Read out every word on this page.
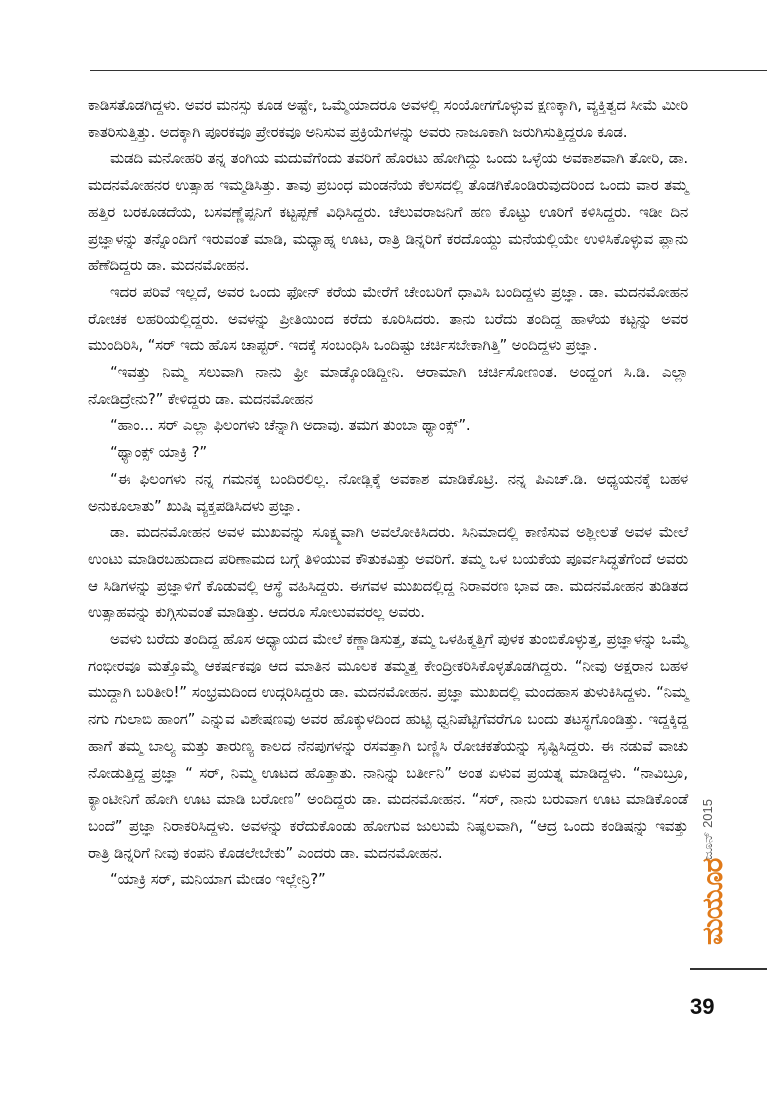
ಕಾಡಿಸತೊಡಗಿದ್ದಳು. ಅವರ ಮನಸ್ಸು ಕೂಡ ಅಷ್ಟೇ, ಒಮ್ಮೆಯಾದರೂ ಅವಳಲ್ಲಿ ಸಂಯೋಗಗೊಳ್ಳುವ ಕ್ಷಣಕ್ಕಾಗಿ, ವ್ಯಕ್ತಿತ್ವದ ಸೀಮೆ ಮೀರಿ ಕಾತರಿಸುತ್ತಿತ್ತು. ಅದಕ್ಕಾಗಿ ಪೂರಕವೂ ಪ್ರೇರಕವೂ ಅನಿಸುವ ಪ್ರಕ್ರಿಯೆಗಳನ್ನು ಅವರು ನಾಜೂಕಾಗಿ ಜರುಗಿಸುತ್ತಿದ್ದರೂ ಕೂಡ.

ಮಡದಿ ಮನೋಹರಿ ತನ್ನ ತಂಗಿಯ ಮದುವೆಗೆಂದು ತವರಿಗೆ ಹೊರಟು ಹೋಗಿದ್ದು ಒಂದು ಒಳ್ಳೆಯ ಅವಕಾಶವಾಗಿ ತೋರಿ, ಡಾ. ಮದನಮೋಹನರ ಉತ್ಸಾಹ ಇಮ್ಮಡಿಸಿತ್ತು. ತಾವು ಪ್ರಬಂಧ ಮಂಡನೆಯ ಕೆಲಸದಲ್ಲಿ ತೊಡಗಿಕೊಂಡಿರುವುದರಿಂದ ಒಂದು ವಾರ ತಮ್ಮ ಹತ್ತಿರ ಬರಕೂಡದೆಯ, ಬಸವಣ್ಣೆಪ್ಪನಿಗೆ ಕಟ್ಟಪ್ಪಣೆ ವಿಧಿಸಿದ್ದರು. ಚೆಲುವರಾಜನಿಗೆ ಹಣ ಕೊಟ್ಟು ಊರಿಗೆ ಕಳಿಸಿದ್ದರು. ಇಡೀ ದಿನ ಪ್ರಜ್ಞಾಳನ್ನು ತನ್ನೊಂದಿಗೆ ಇರುವಂತೆ ಮಾಡಿ, ಮಧ್ಯಾಹ್ನ ಊಟ, ರಾತ್ರಿ ಡಿನ್ನರಿಗೆ ಕರದೊಯ್ದು ಮನೆಯಲ್ಲಿಯೇ ಉಳಿಸಿಕೊಳ್ಳುವ ಪ್ಲಾನು ಹೆಣೆದಿದ್ದರು ಡಾ. ಮದನಮೋಹನ.

ಇದರ ಪರಿವೆ ಇಲ್ಲದೆ, ಅವರ ಒಂದು ಫೋನ್ ಕರೆಯ ಮೇರೆಗೆ ಚೇಂಬರಿಗೆ ಧಾವಿಸಿ ಬಂದಿದ್ದಳು ಪ್ರಜ್ಞಾ. ಡಾ. ಮದನಮೋಹನ ರೋಚಕ ಲಹರಿಯಲ್ಲಿದ್ದರು. ಅವಳನ್ನು ಪ್ರೀತಿಯಿಂದ ಕರೆದು ಕೂರಿಸಿದರು. ತಾನು ಬರೆದು ತಂದಿದ್ದ ಹಾಳೆಯ ಕಟ್ಟನ್ನು ಅವರ ಮುಂದಿರಿಸಿ, “ಸರ್ ಇದು ಹೊಸ ಚಾಪ್ಟರ್. ಇದಕ್ಕೆ ಸಂಬಂಧಿಸಿ ಒಂದಿಷ್ಟು ಚರ್ಚಿಸಬೇಕಾಗಿತ್ತಿ” ಅಂದಿದ್ದಳು ಪ್ರಜ್ಞಾ.

“ಇವತ್ತು ನಿಮ್ಮ ಸಲುವಾಗಿ ನಾನು ಫ್ರೀ ಮಾಡ್ಕೊಂಡಿದ್ದೀನಿ. ಆರಾಮಾಗಿ ಚರ್ಚಿಸೋಣಂತ. ಅಂದ್ಹಂಗ ಸಿ.ಡಿ. ಎಲ್ಲಾ ನೋಡಿದ್ರೇನು?” ಕೇಳಿದ್ದರು ಡಾ. ಮದನಮೋಹನ

“ಹಾಂ... ಸರ್ ಎಲ್ಲಾ ಫಿಲಂಗಳು ಚೆನ್ನಾಗಿ ಅದಾವು. ತಮಗ ತುಂಬಾ ಥ್ಯಾಂಕ್ಸ್”.

“ಥ್ಯಾಂಕ್ಸ್ ಯಾಕ್ರಿ ?”

“ಈ ಫಿಲಂಗಳು ನನ್ನ ಗಮನಕ್ಕ ಬಂದಿರಲಿಲ್ಲ. ನೋಡ್ಲಿಕ್ಕೆ ಅವಕಾಶ ಮಾಡಿಕೊಟ್ರಿ. ನನ್ನ ಪಿಎಚ್.ಡಿ. ಅಧ್ಯಯನಕ್ಕೆ ಬಹಳ ಅನುಕೂಲಾತು” ಖುಷಿ ವ್ಯಕ್ತಪಡಿಸಿದಳು ಪ್ರಜ್ಞಾ.

ಡಾ. ಮದನಮೋಹನ ಅವಳ ಮುಖವನ್ನು ಸೂಕ್ಷ್ಮವಾಗಿ ಅವಲೋಕಿಸಿದರು. ಸಿನಿಮಾದಲ್ಲಿ ಕಾಣಿಸುವ ಅಶ್ಲೀಲತೆ ಅವಳ ಮೇಲೆ ಉಂಟು ಮಾಡಿರಬಹುದಾದ ಪರಿಣಾಮದ ಬಗ್ಗೆ ತಿಳಿಯುವ ಕೌತುಕವಿತ್ತು ಅವರಿಗೆ. ತಮ್ಮ ಒಳ ಬಯಕೆಯ ಪೂರ್ವಸಿದ್ಧತೆಗೆಂದೆ ಅವರು ಆ ಸಿಡಿಗಳನ್ನು ಪ್ರಜ್ಞಾಳಿಗೆ ಕೊಡುವಲ್ಲಿ ಆಸ್ಥೆ ವಹಿಸಿದ್ದರು. ಈಗವಳ ಮುಖದಲ್ಲಿದ್ದ ನಿರಾವರಣ ಭಾವ ಡಾ. ಮದನಮೋಹನ ತುಡಿತದ ಉತ್ಸಾಹವನ್ನು ಕುಗ್ಗಿಸುವಂತೆ ಮಾಡಿತ್ತು. ಆದರೂ ಸೋಲುವವರಲ್ಲ ಅವರು.

ಅವಳು ಬರೆದು ತಂದಿದ್ದ ಹೊಸ ಅಧ್ಯಾಯದ ಮೇಲೆ ಕಣ್ಣಾಡಿಸುತ್ತ, ತಮ್ಮ ಒಳಹಿಕ್ಮತ್ತಿಗೆ ಪುಳಕ ತುಂಬಿಕೊಳ್ಳುತ್ತ, ಪ್ರಜ್ಞಾಳನ್ನು ಒಮ್ಮೆ ಗಂಭೀರವೂ ಮತ್ತೊಮ್ಮೆ ಆಕರ್ಷಕವೂ ಆದ ಮಾತಿನ ಮೂಲಕ ತಮ್ಮತ್ತ ಕೇಂದ್ರೀಕರಿಸಿಕೊಳ್ಳತೊಡಗಿದ್ದರು. “ನೀವು ಅಕ್ಷರಾನ ಬಹಳ ಮುದ್ದಾಗಿ ಬರಿತೀರಿ!” ಸಂಭ್ರಮದಿಂದ ಉದ್ಗರಿಸಿದ್ದರು ಡಾ. ಮದನಮೋಹನ. ಪ್ರಜ್ಞಾ ಮುಖದಲ್ಲಿ ಮಂದಹಾಸ ತುಳುಕಿಸಿದ್ದಳು. “ನಿಮ್ಮ ನಗು ಗುಲಾಬಿ ಹಾಂಗ” ಎನ್ನುವ ವಿಶೇಷಣವು ಅವರ ಹೊಕ್ಕುಳದಿಂದ ಹುಟ್ಟಿ ಧ್ವನಿಪೆಟ್ಟಿಗೆವರೆಗೂ ಬಂದು ತಟಸ್ಥಗೊಂಡಿತ್ತು. ಇದ್ದಕ್ಕಿದ್ದ ಹಾಗೆ ತಮ್ಮ ಬಾಲ್ಯ ಮತ್ತು ತಾರುಣ್ಯ ಕಾಲದ ನೆನಪುಗಳನ್ನು ರಸವತ್ತಾಗಿ ಬಣ್ಣಿಸಿ ರೋಚಕತೆಯನ್ನು ಸೃಷ್ಟಿಸಿದ್ದರು. ಈ ನಡುವೆ ವಾಚು ನೋಡುತ್ತಿದ್ದ ಪ್ರಜ್ಞಾ “ ಸರ್, ನಿಮ್ಮ ಊಟದ ಹೊತ್ತಾತು. ನಾನಿನ್ನು ಬರ್ತೀನಿ” ಅಂತ ಏಳುವ ಪ್ರಯತ್ನ ಮಾಡಿದ್ದಳು. “ನಾವಿಬ್ರೂ, ಕ್ಯಾಂಟೀನಿಗೆ ಹೋಗಿ ಊಟ ಮಾಡಿ ಬರೋಣ” ಅಂದಿದ್ದರು ಡಾ. ಮದನಮೋಹನ. “ಸರ್, ನಾನು ಬರುವಾಗ ಊಟ ಮಾಡಿಕೊಂಡೆ ಬಂದೆ” ಪ್ರಜ್ಞಾ ನಿರಾಕರಿಸಿದ್ದಳು. ಅವಳನ್ನು ಕರೆದುಕೊಂಡು ಹೋಗುವ ಜುಲುಮೆ ನಿಷ್ಫಲವಾಗಿ, “ಆದ್ರ ಒಂದು ಕಂಡಿಷನ್ನು ಇವತ್ತು ರಾತ್ರಿ ಡಿನ್ನರಿಗೆ ನೀವು ಕಂಪನಿ ಕೊಡಲೇಬೇಕು” ಎಂದರು ಡಾ. ಮದನಮೋಹನ.

“ಯಾಕ್ರಿ ಸರ್, ಮನಿಯಾಗ ಮೇಡಂ ಇಲ್ಲೇನ್ರಿ?”	ಮಯೂರ
ಜೂನ್ 2015
39
